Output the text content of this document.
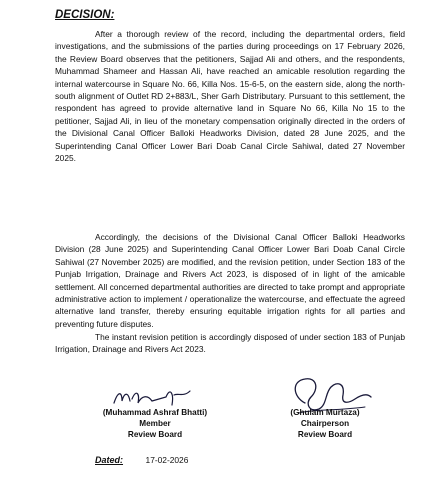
DECISION:
After a thorough review of the record, including the departmental orders, field investigations, and the submissions of the parties during proceedings on 17 February 2026, the Review Board observes that the petitioners, Sajjad Ali and others, and the respondents, Muhammad Shameer and Hassan Ali, have reached an amicable resolution regarding the internal watercourse in Square No. 66, Killa Nos. 15-6-5, on the eastern side, along the north-south alignment of Outlet RD 2+883/L, Sher Garh Distributary. Pursuant to this settlement, the respondent has agreed to provide alternative land in Square No 66, Killa No 15 to the petitioner, Sajjad Ali, in lieu of the monetary compensation originally directed in the orders of the Divisional Canal Officer Balloki Headworks Division, dated 28 June 2025, and the Superintending Canal Officer Lower Bari Doab Canal Circle Sahiwal, dated 27 November 2025.
Accordingly, the decisions of the Divisional Canal Officer Balloki Headworks Division (28 June 2025) and Superintending Canal Officer Lower Bari Doab Canal Circle Sahiwal (27 November 2025) are modified, and the revision petition, under Section 183 of the Punjab Irrigation, Drainage and Rivers Act 2023, is disposed of in light of the amicable settlement. All concerned departmental authorities are directed to take prompt and appropriate administrative action to implement / operationalize the watercourse, and effectuate the agreed alternative land transfer, thereby ensuring equitable irrigation rights for all parties and preventing future disputes.
The instant revision petition is accordingly disposed of under section 183 of Punjab Irrigation, Drainage and Rivers Act 2023.
(Muhammad Ashraf Bhatti)
Member
Review Board
(Ghulam Murtaza)
Chairperson
Review Board
Dated:	17-02-2026
